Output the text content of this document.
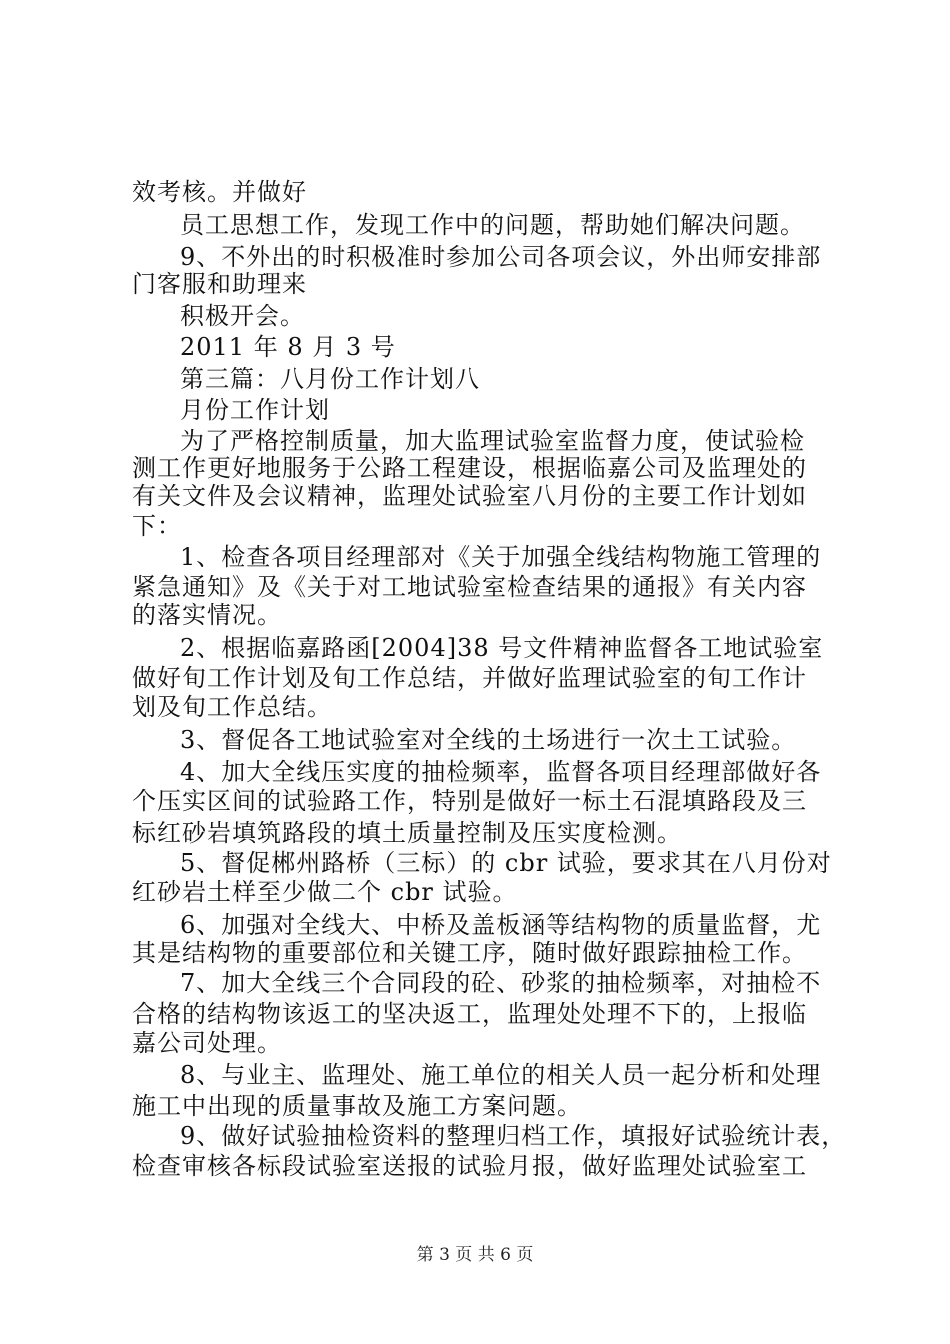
效考核。并做好
员工思想工作，发现工作中的问题，帮助她们解决问题。
9、不外出的时积极准时参加公司各项会议，外出师安排部
门客服和助理来
积极开会。
2011 年 8 月 3 号
第三篇：八月份工作计划八
月份工作计划
为了严格控制质量，加大监理试验室监督力度，使试验检
测工作更好地服务于公路工程建设，根据临嘉公司及监理处的
有关文件及会议精神，监理处试验室八月份的主要工作计划如
下：
1、检查各项目经理部对《关于加强全线结构物施工管理的
紧急通知》及《关于对工地试验室检查结果的通报》有关内容
的落实情况。
2、根据临嘉路函[2004]38 号文件精神监督各工地试验室
做好旬工作计划及旬工作总结，并做好监理试验室的旬工作计
划及旬工作总结。
3、督促各工地试验室对全线的土场进行一次土工试验。
4、加大全线压实度的抽检频率，监督各项目经理部做好各
个压实区间的试验路工作，特别是做好一标土石混填路段及三
标红砂岩填筑路段的填土质量控制及压实度检测。
5、督促郴州路桥（三标）的 cbr 试验，要求其在八月份对
红砂岩土样至少做二个 cbr 试验。
6、加强对全线大、中桥及盖板涵等结构物的质量监督，尤
其是结构物的重要部位和关键工序，随时做好跟踪抽检工作。
7、加大全线三个合同段的砼、砂浆的抽检频率，对抽检不
合格的结构物该返工的坚决返工，监理处处理不下的，上报临
嘉公司处理。
8、与业主、监理处、施工单位的相关人员一起分析和处理
施工中出现的质量事故及施工方案问题。
9、做好试验抽检资料的整理归档工作，填报好试验统计表，
检查审核各标段试验室送报的试验月报，做好监理处试验室工
第 3 页 共 6 页
